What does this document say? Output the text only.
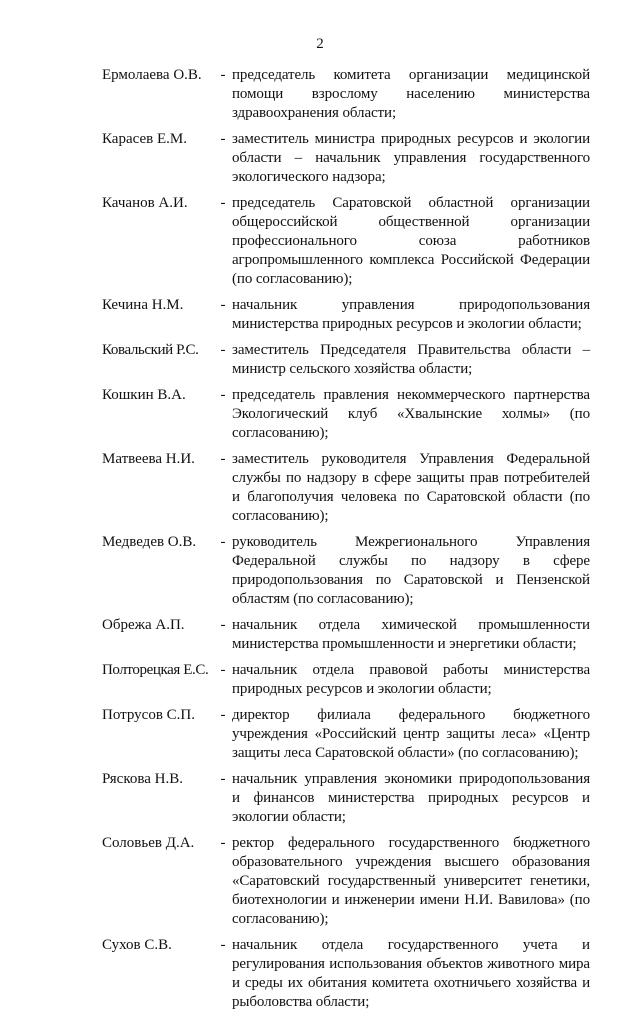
2
Ермолаева О.В.	- председатель комитета организации медицинской помощи взрослому населению министерства здравоохранения области;
Карасев Е.М.	- заместитель министра природных ресурсов и экологии области – начальник управления государственного экологического надзора;
Качанов А.И.	- председатель Саратовской областной организации общероссийской общественной организации профессионального союза работников агропромышленного комплекса Российской Федерации (по согласованию);
Кечина Н.М.	- начальник управления природопользования министерства природных ресурсов и экологии области;
Ковальский Р.С.	- заместитель Председателя Правительства области – министр сельского хозяйства области;
Кошкин В.А.	- председатель правления некоммерческого партнерства Экологический клуб «Хвалынские холмы» (по согласованию);
Матвеева Н.И.	- заместитель руководителя Управления Федеральной службы по надзору в сфере защиты прав потребителей и благополучия человека по Саратовской области (по согласованию);
Медведев О.В.	- руководитель Межрегионального Управления Федеральной службы по надзору в сфере природопользования по Саратовской и Пензенской областям (по согласованию);
Обрежа А.П.	- начальник отдела химической промышленности министерства промышленности и энергетики области;
Полторецкая Е.С. - начальник отдела правовой работы министерства природных ресурсов и экологии области;
Потрусов С.П.	- директор филиала федерального бюджетного учреждения «Российский центр защиты леса» «Центр защиты леса Саратовской области» (по согласованию);
Ряскова Н.В.	- начальник управления экономики природопользования и финансов министерства природных ресурсов и экологии области;
Соловьев Д.А.	- ректор федерального государственного бюджетного образовательного учреждения высшего образования «Саратовский государственный университет генетики, биотехнологии и инженерии имени Н.И. Вавилова» (по согласованию);
Сухов С.В.	- начальник отдела государственного учета и регулирования использования объектов животного мира и среды их обитания комитета охотничьего хозяйства и рыболовства области;
